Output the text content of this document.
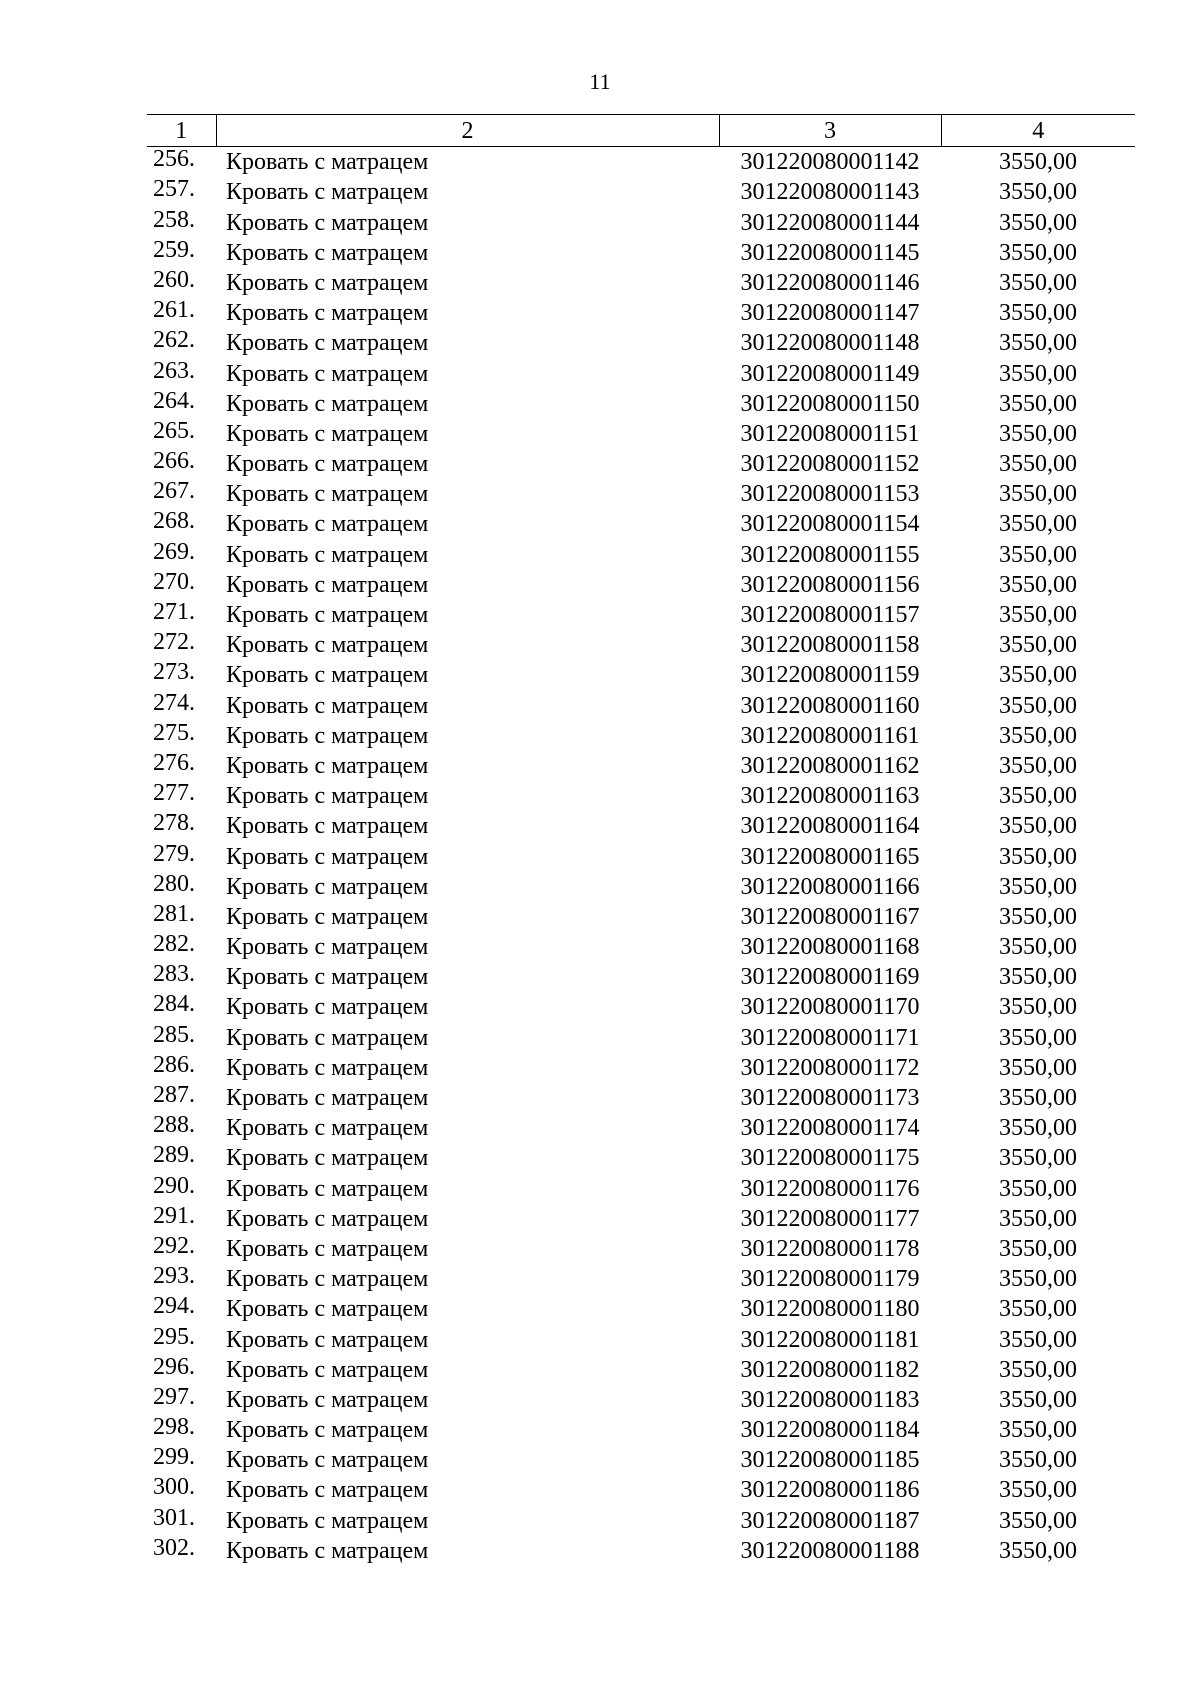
11
1	2	3	4
256.	Кровать с матрацем	301220080001142	3550,00
257.	Кровать с матрацем	301220080001143	3550,00
258.	Кровать с матрацем	301220080001144	3550,00
259.	Кровать с матрацем	301220080001145	3550,00
260.	Кровать с матрацем	301220080001146	3550,00
261.	Кровать с матрацем	301220080001147	3550,00
262.	Кровать с матрацем	301220080001148	3550,00
263.	Кровать с матрацем	301220080001149	3550,00
264.	Кровать с матрацем	301220080001150	3550,00
265.	Кровать с матрацем	301220080001151	3550,00
266.	Кровать с матрацем	301220080001152	3550,00
267.	Кровать с матрацем	301220080001153	3550,00
268.	Кровать с матрацем	301220080001154	3550,00
269.	Кровать с матрацем	301220080001155	3550,00
270.	Кровать с матрацем	301220080001156	3550,00
271.	Кровать с матрацем	301220080001157	3550,00
272.	Кровать с матрацем	301220080001158	3550,00
273.	Кровать с матрацем	301220080001159	3550,00
274.	Кровать с матрацем	301220080001160	3550,00
275.	Кровать с матрацем	301220080001161	3550,00
276.	Кровать с матрацем	301220080001162	3550,00
277.	Кровать с матрацем	301220080001163	3550,00
278.	Кровать с матрацем	301220080001164	3550,00
279.	Кровать с матрацем	301220080001165	3550,00
280.	Кровать с матрацем	301220080001166	3550,00
281.	Кровать с матрацем	301220080001167	3550,00
282.	Кровать с матрацем	301220080001168	3550,00
283.	Кровать с матрацем	301220080001169	3550,00
284.	Кровать с матрацем	301220080001170	3550,00
285.	Кровать с матрацем	301220080001171	3550,00
286.	Кровать с матрацем	301220080001172	3550,00
287.	Кровать с матрацем	301220080001173	3550,00
288.	Кровать с матрацем	301220080001174	3550,00
289.	Кровать с матрацем	301220080001175	3550,00
290.	Кровать с матрацем	301220080001176	3550,00
291.	Кровать с матрацем	301220080001177	3550,00
292.	Кровать с матрацем	301220080001178	3550,00
293.	Кровать с матрацем	301220080001179	3550,00
294.	Кровать с матрацем	301220080001180	3550,00
295.	Кровать с матрацем	301220080001181	3550,00
296.	Кровать с матрацем	301220080001182	3550,00
297.	Кровать с матрацем	301220080001183	3550,00
298.	Кровать с матрацем	301220080001184	3550,00
299.	Кровать с матрацем	301220080001185	3550,00
300.	Кровать с матрацем	301220080001186	3550,00
301.	Кровать с матрацем	301220080001187	3550,00
302.	Кровать с матрацем	301220080001188	3550,00
